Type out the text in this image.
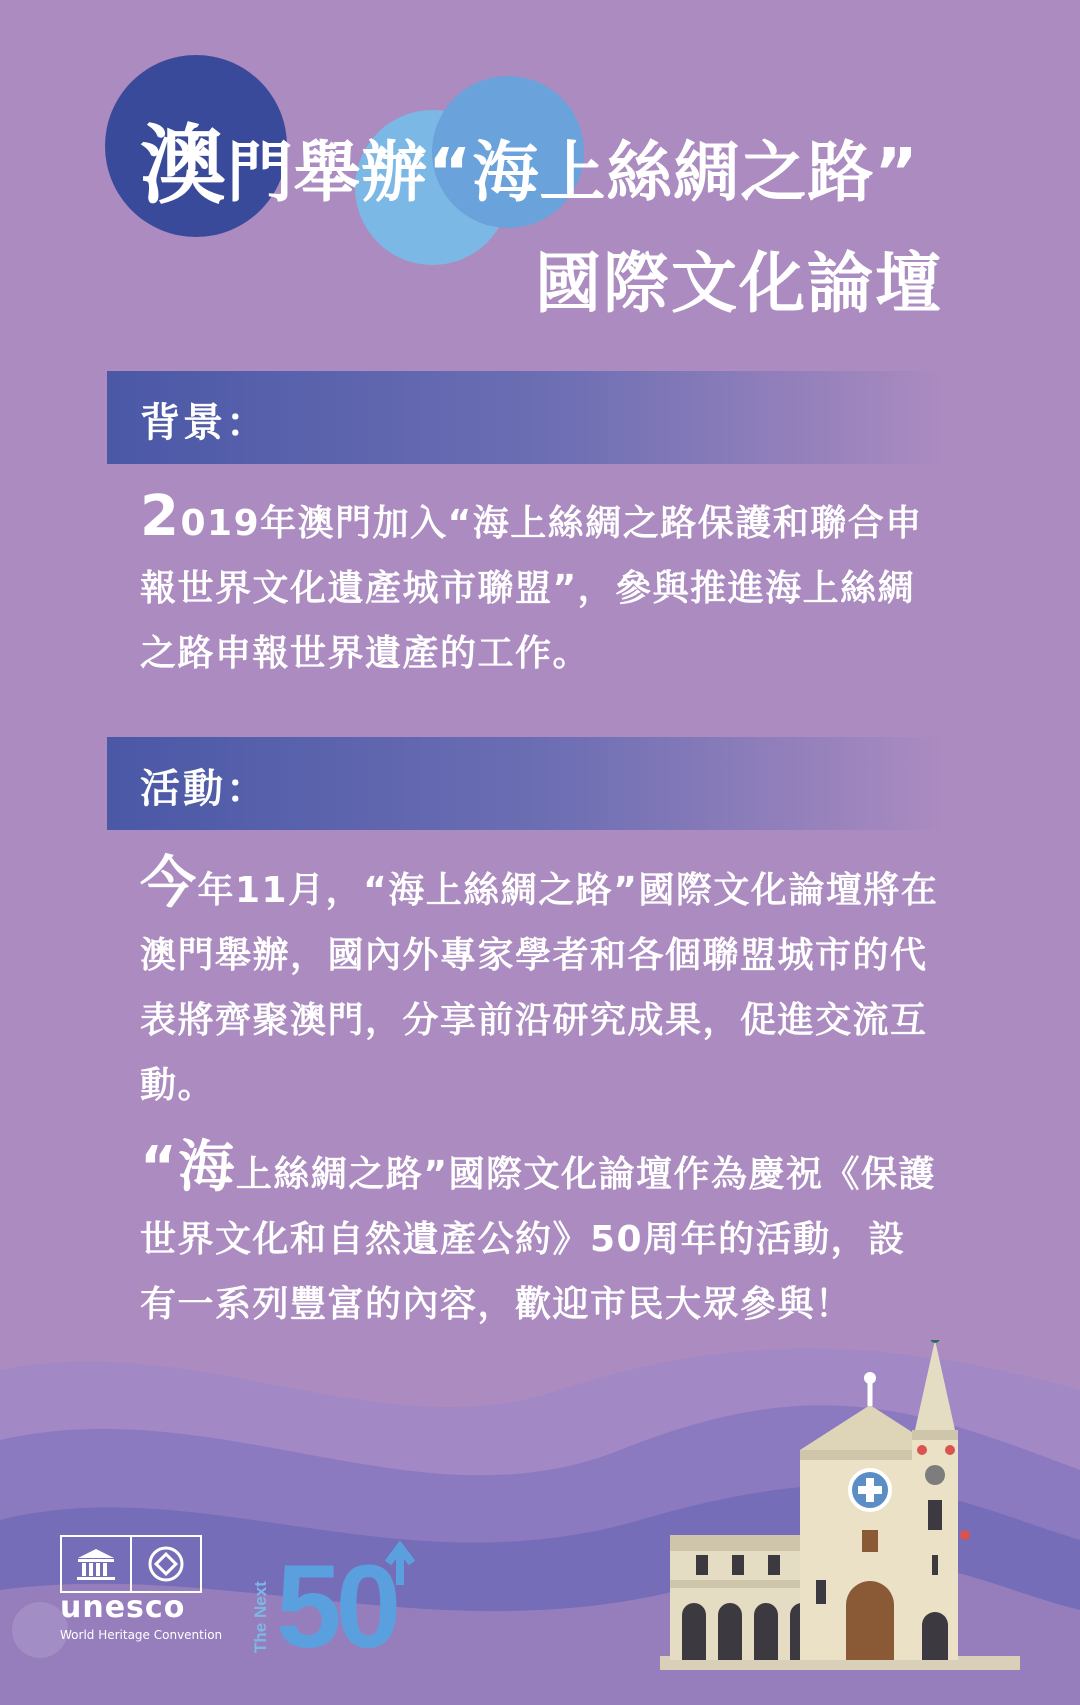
澳門舉辦“海上絲綢之路”
國際文化論壇
背景：
2019年澳門加入“海上絲綢之路保護和聯合申報世界文化遺產城市聯盟”，參與推進海上絲綢之路申報世界遺產的工作。
活動：
今年11月，“海上絲綢之路”國際文化論壇將在澳門舉辦，國內外專家學者和各個聯盟城市的代表將齊聚澳門，分享前沿研究成果，促進交流互動。
“海上絲綢之路”國際文化論壇作為慶祝《保護世界文化和自然遺產公約》50周年的活動，設有一系列豐富的內容，歡迎市民大眾參與！
unesco
World Heritage Convention The Next 50
